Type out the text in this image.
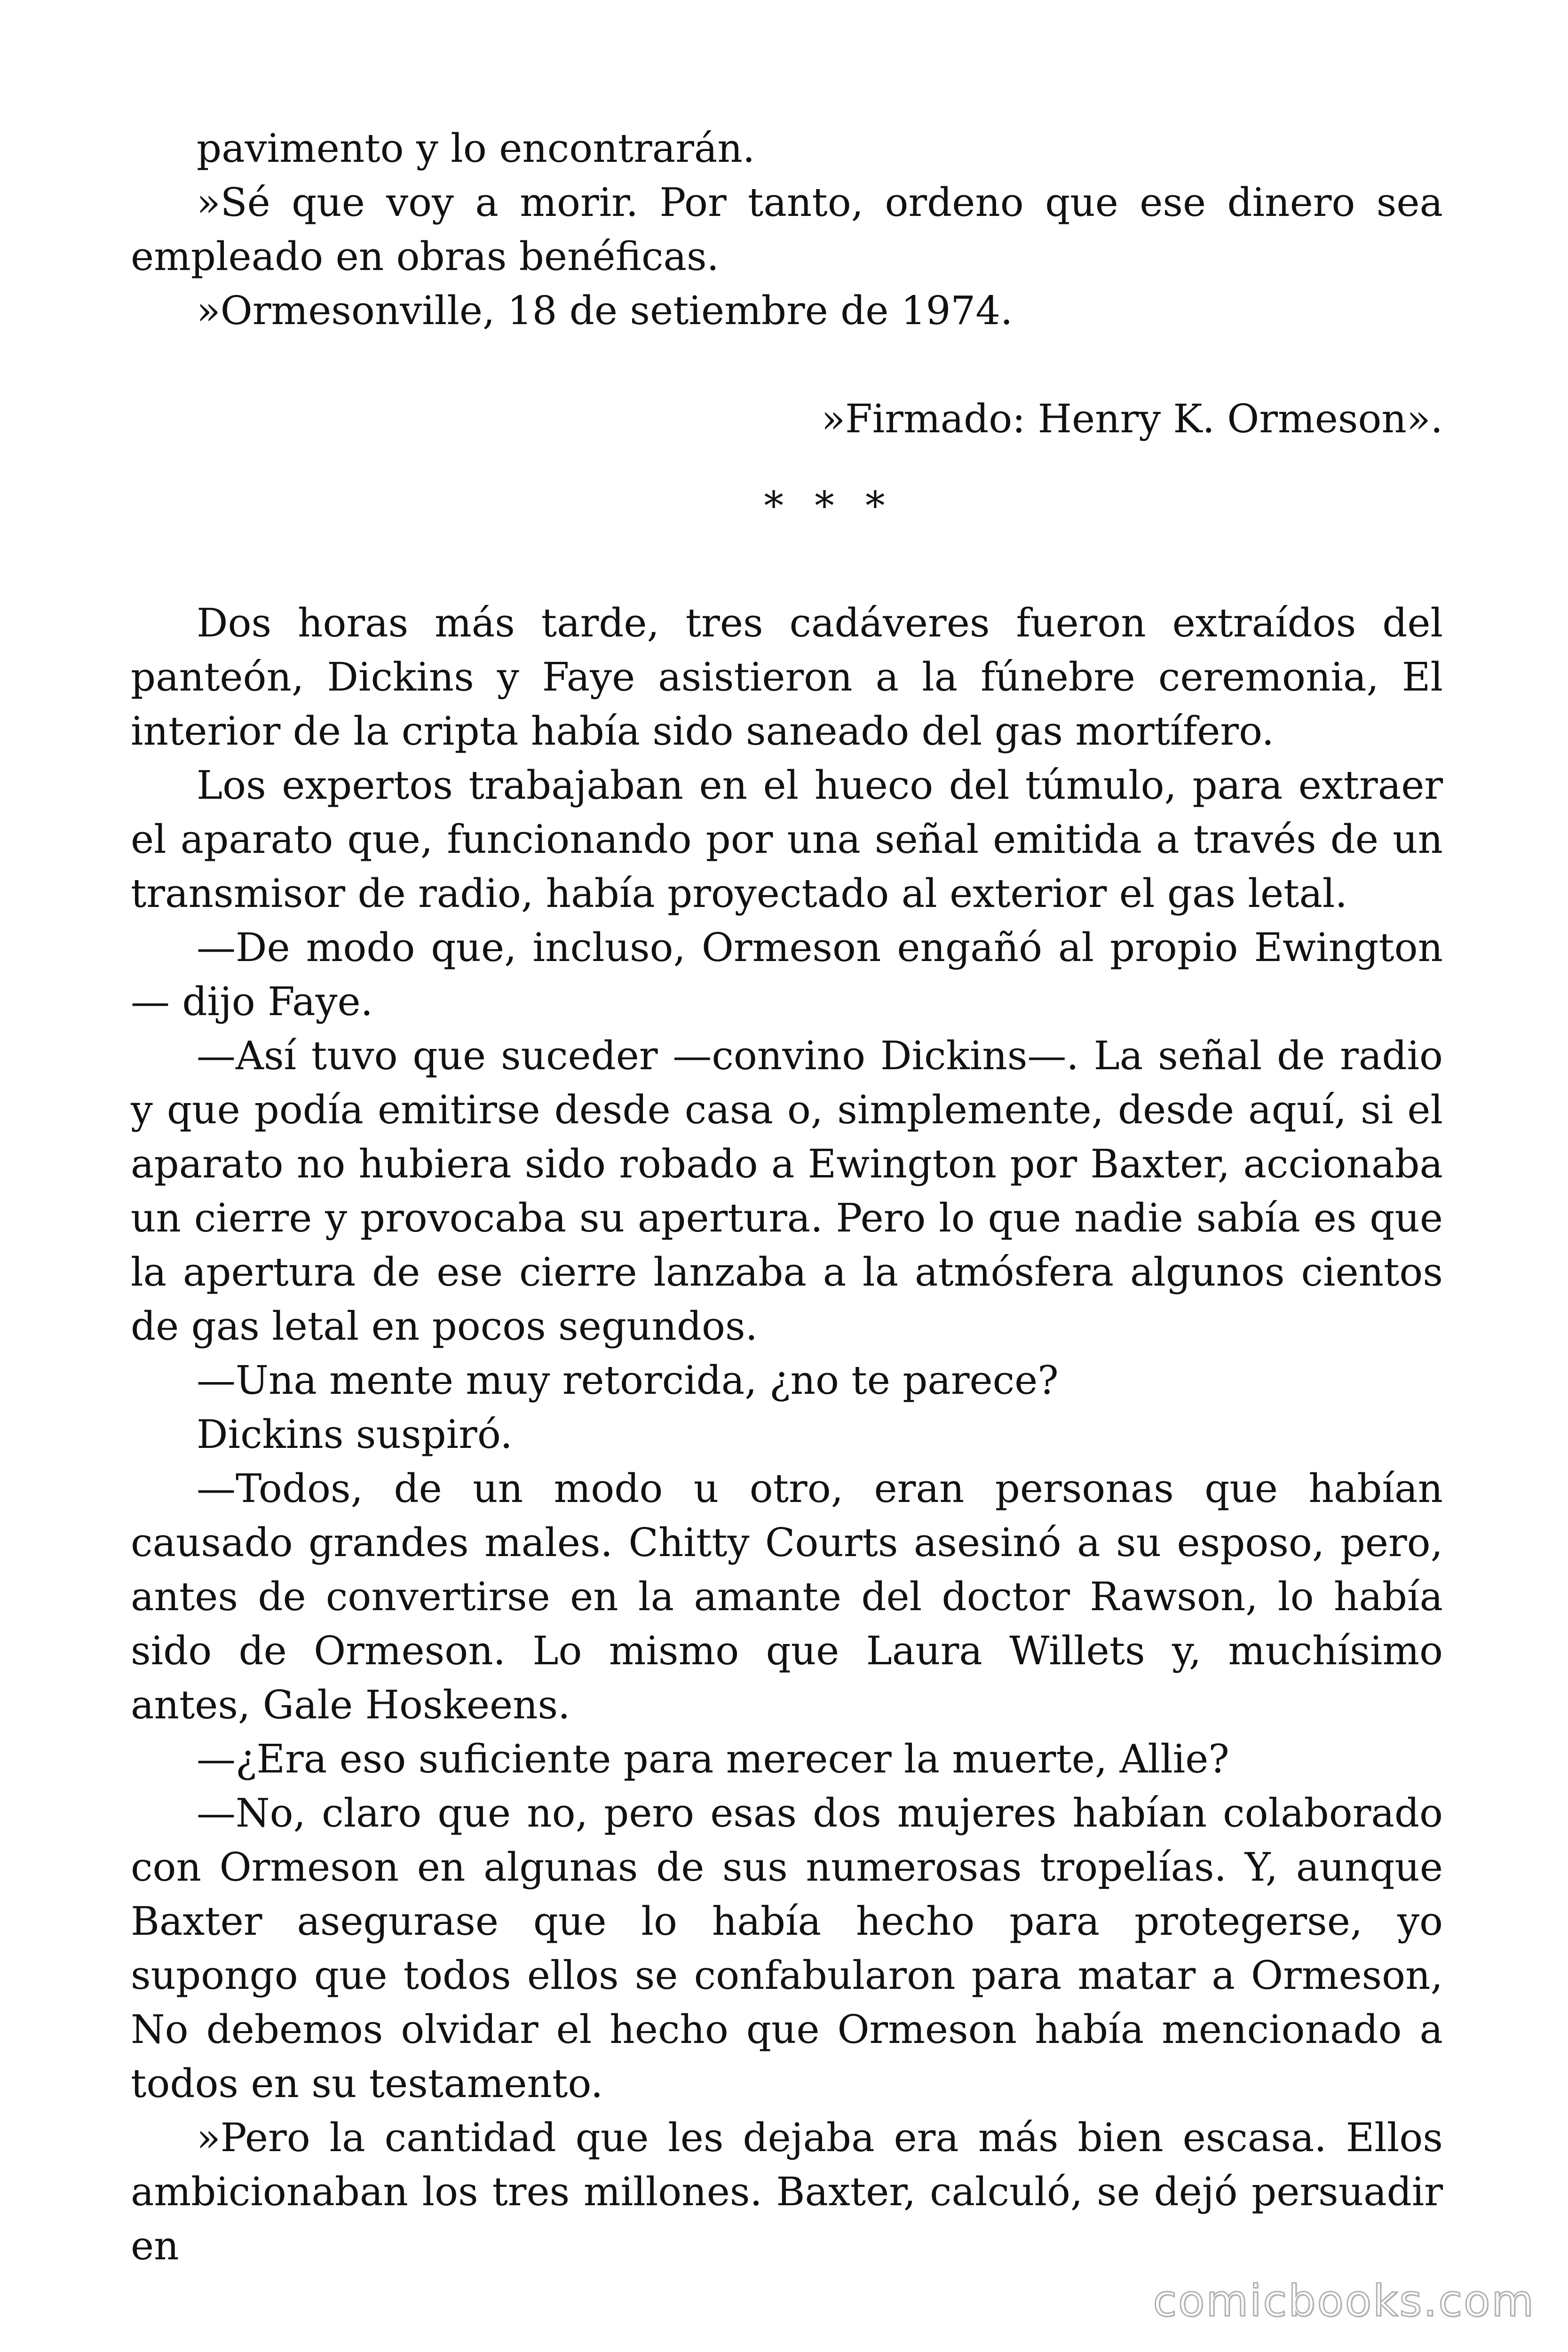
pavimento y lo encontrarán.

»Sé que voy a morir. Por tanto, ordeno que ese dinero sea empleado en obras benéficas.

»Ormesonville, 18 de setiembre de 1974.

»Firmado: Henry K. Ormeson».

* * *

Dos horas más tarde, tres cadáveres fueron extraídos del panteón, Dickins y Faye asistieron a la fúnebre ceremonia, El interior de la cripta había sido saneado del gas mortífero.

Los expertos trabajaban en el hueco del túmulo, para extraer el aparato que, funcionando por una señal emitida a través de un transmisor de radio, había proyectado al exterior el gas letal.

—De modo que, incluso, Ormeson engañó al propio Ewington — dijo Faye.

—Así tuvo que suceder —convino Dickins—. La señal de radio y que podía emitirse desde casa o, simplemente, desde aquí, si el aparato no hubiera sido robado a Ewington por Baxter, accionaba un cierre y provocaba su apertura. Pero lo que nadie sabía es que la apertura de ese cierre lanzaba a la atmósfera algunos cientos de gas letal en pocos segundos.

—Una mente muy retorcida, ¿no te parece?

Dickins suspiró.

—Todos, de un modo u otro, eran personas que habían causado grandes males. Chitty Courts asesinó a su esposo, pero, antes de convertirse en la amante del doctor Rawson, lo había sido de Ormeson. Lo mismo que Laura Willets y, muchísimo antes, Gale Hoskeens.

—¿Era eso suficiente para merecer la muerte, Allie?

—No, claro que no, pero esas dos mujeres habían colaborado con Ormeson en algunas de sus numerosas tropelías. Y, aunque Baxter asegurase que lo había hecho para protegerse, yo supongo que todos ellos se confabularon para matar a Ormeson, No debemos olvidar el hecho que Ormeson había mencionado a todos en su testamento.

»Pero la cantidad que les dejaba era más bien escasa. Ellos ambicionaban los tres millones. Baxter, calculó, se dejó persuadir en

comicbooks.com
